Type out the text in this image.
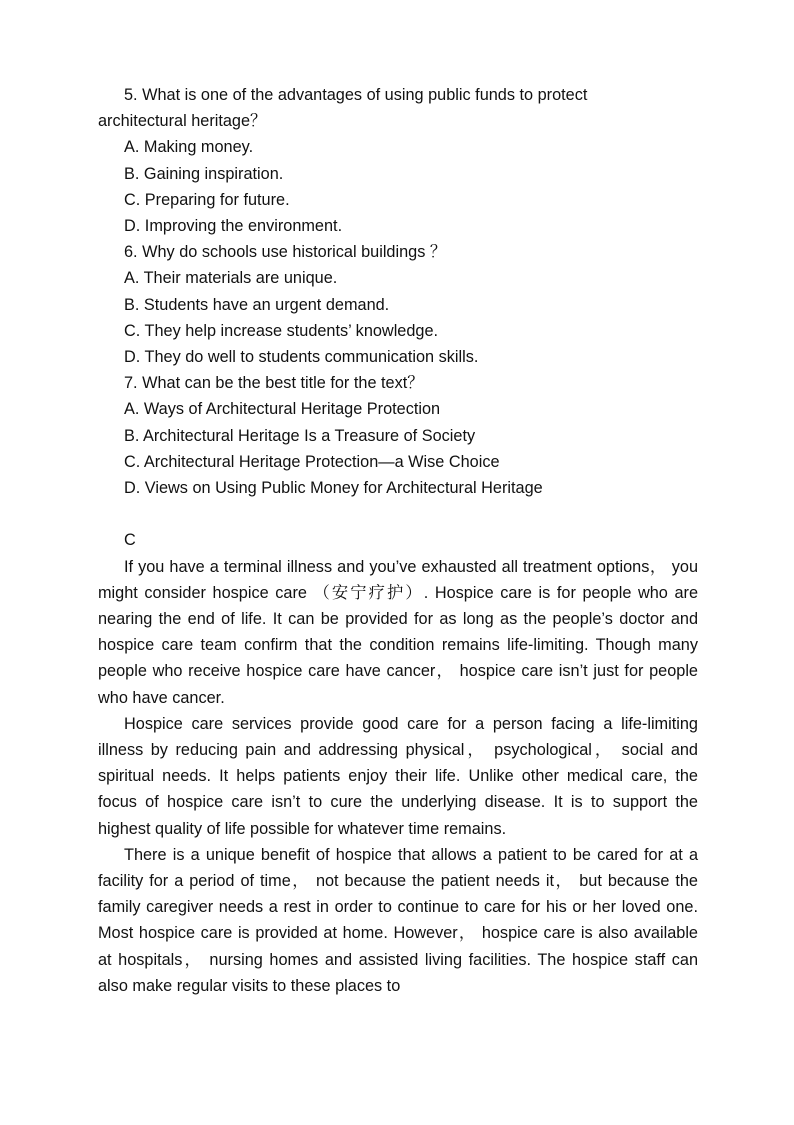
5. What is one of the advantages of using public funds to protect
architectural heritage？
A. Making money.
B. Gaining inspiration.
C. Preparing for future.
D. Improving the environment.
6. Why do schools use historical buildings ？
A. Their materials are unique.
B. Students have an urgent demand.
C. They help increase students’ knowledge.
D. They do well to students communication skills.
7. What can be the best title for the text？
A. Ways of Architectural Heritage Protection
B. Architectural Heritage Is a Treasure of Society
C. Architectural Heritage Protection—a Wise Choice
D. Views on Using Public Money for Architectural Heritage
C

If you have a terminal illness and you’ve exhausted all treatment options， you might consider hospice care （安宁疗护）. Hospice care is for people who are nearing the end of life. It can be provided for as long as the people’s doctor and hospice care team confirm that the condition remains life-limiting. Though many people who receive hospice care have cancer， hospice care isn’t just for people who have cancer.

Hospice care services provide good care for a person facing a life-limiting illness by reducing pain and addressing physical， psychological， social and spiritual needs. It helps patients enjoy their life. Unlike other medical care, the focus of hospice care isn’t to cure the underlying disease. It is to support the highest quality of life possible for whatever time remains.

There is a unique benefit of hospice that allows a patient to be cared for at a facility for a period of time， not because the patient needs it， but because the family caregiver needs a rest in order to continue to care for his or her loved one. Most hospice care is provided at home. However， hospice care is also available at hospitals， nursing homes and assisted living facilities. The hospice staff can also make regular visits to these places to
